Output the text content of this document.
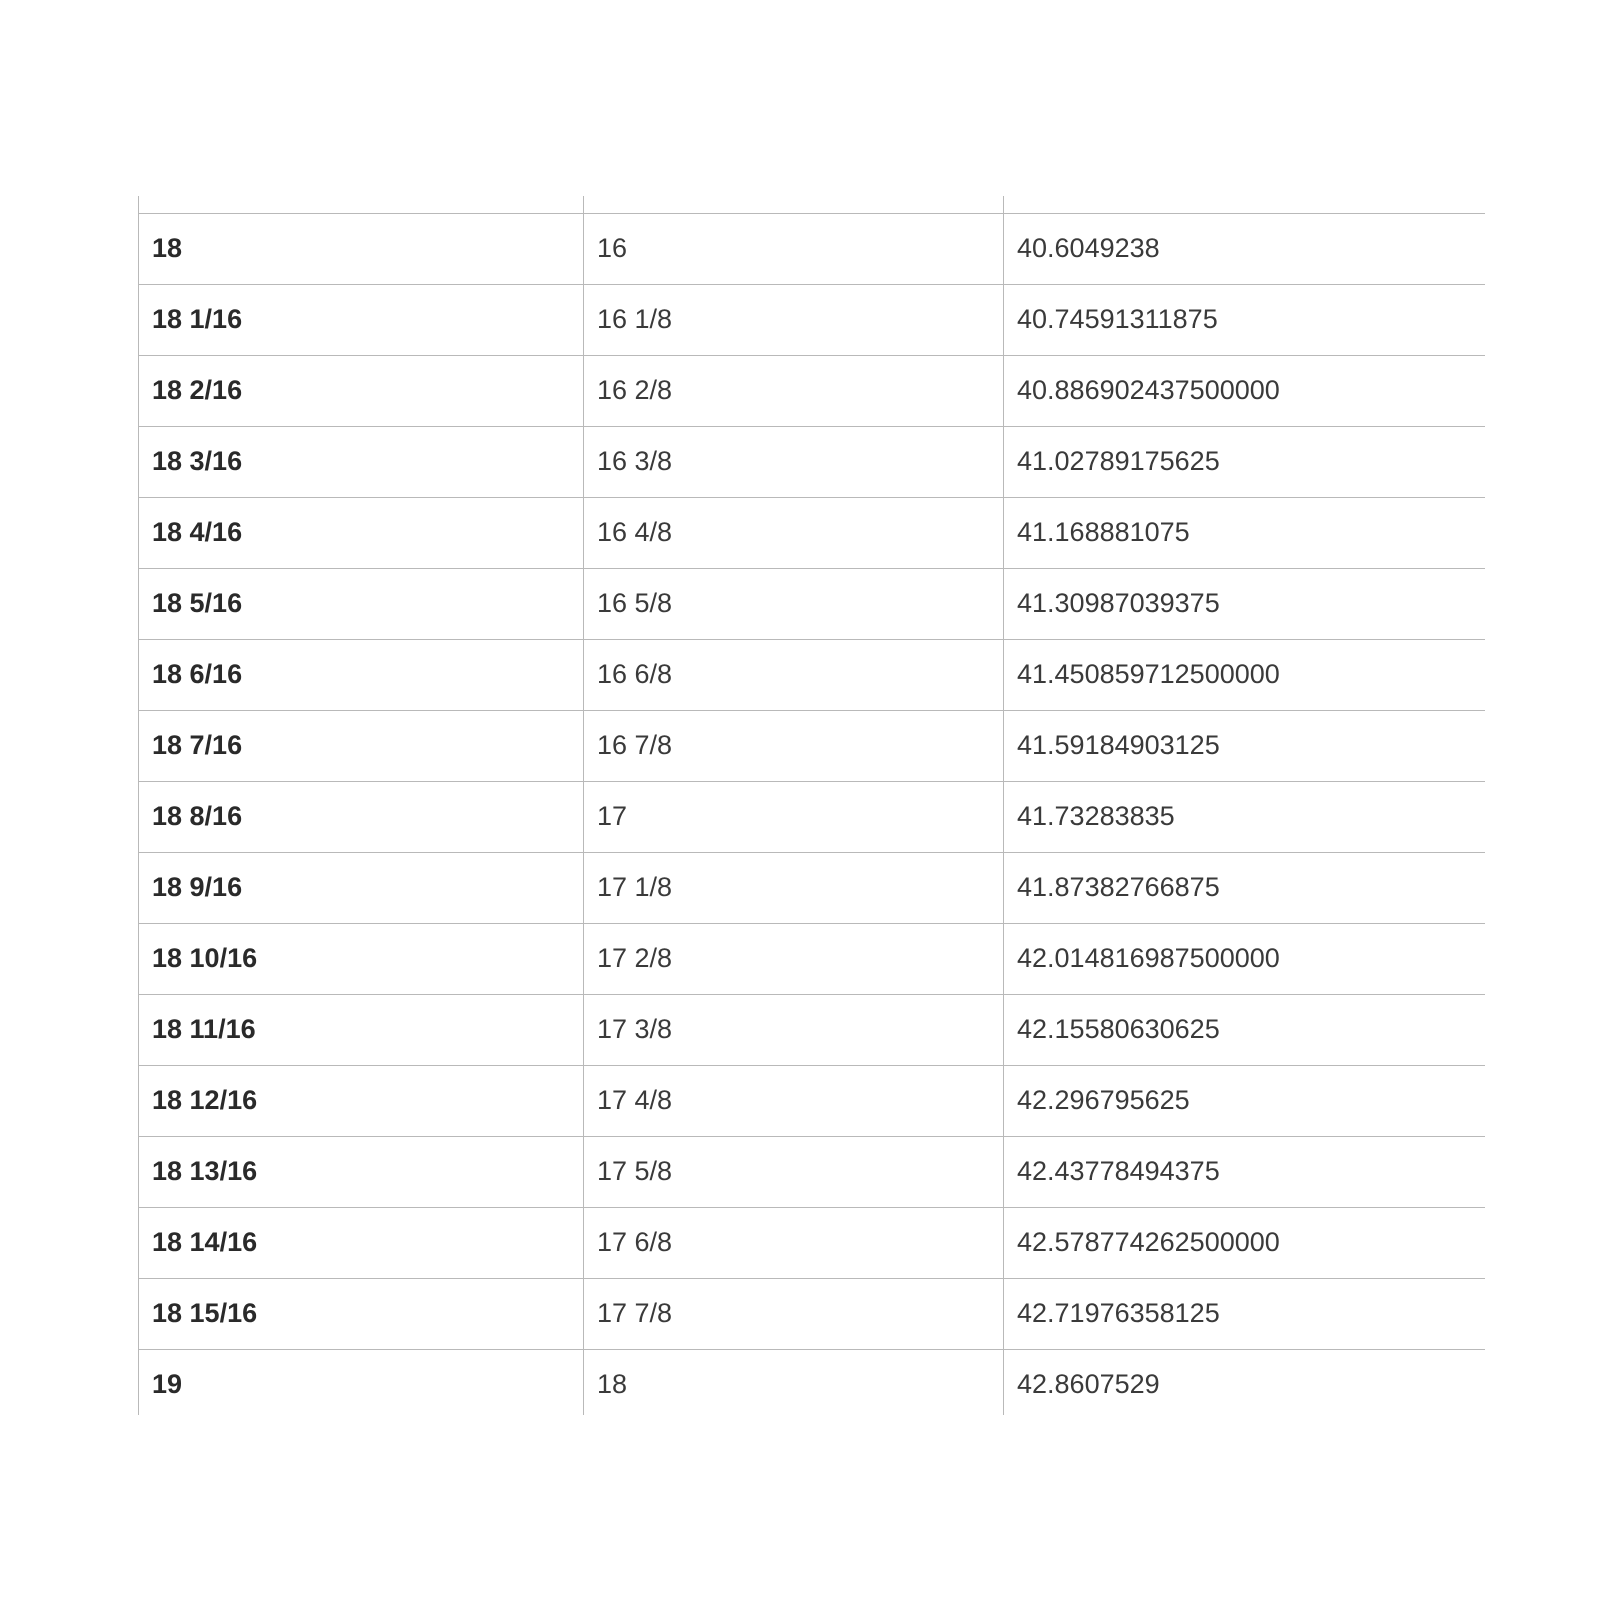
18	16	40.6049238
18 1/16	16 1/8	40.74591311875
18 2/16	16 2/8	40.886902437500000
18 3/16	16 3/8	41.02789175625
18 4/16	16 4/8	41.168881075
18 5/16	16 5/8	41.30987039375
18 6/16	16 6/8	41.450859712500000
18 7/16	16 7/8	41.59184903125
18 8/16	17	41.73283835
18 9/16	17 1/8	41.87382766875
18 10/16	17 2/8	42.014816987500000
18 11/16	17 3/8	42.15580630625
18 12/16	17 4/8	42.296795625
18 13/16	17 5/8	42.43778494375
18 14/16	17 6/8	42.578774262500000
18 15/16	17 7/8	42.71976358125
19	18	42.8607529
